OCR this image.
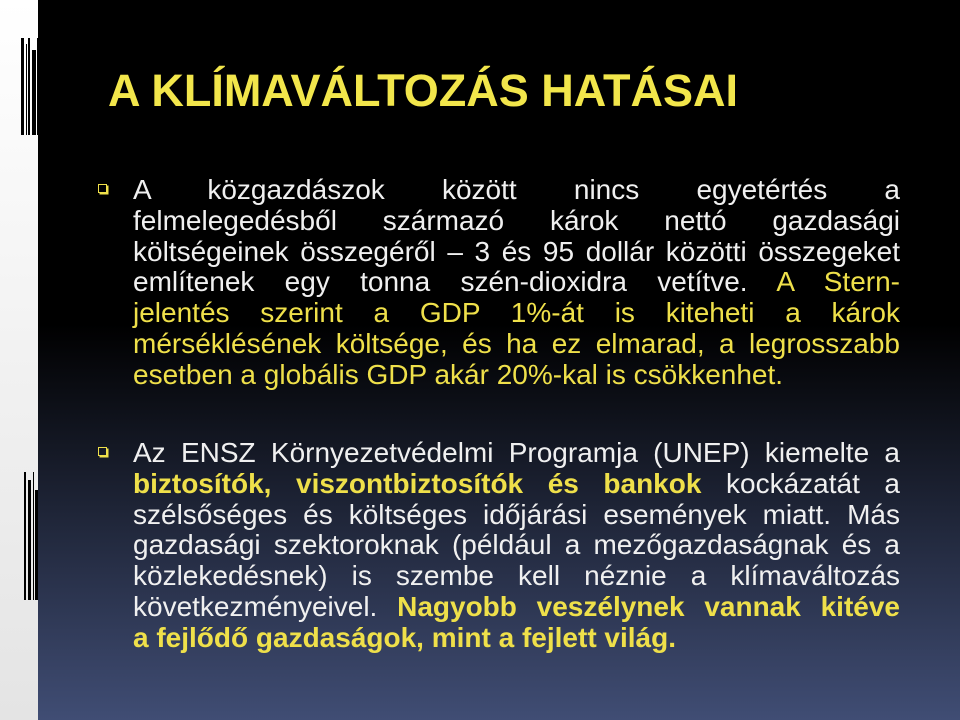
A KLÍMAVÁLTOZÁS HATÁSAI
A közgazdászok között nincs egyetértés a
felmelegedésből származó károk nettó gazdasági
költségeinek összegéről – 3 és 95 dollár közötti összegeket
említenek egy tonna szén-dioxidra vetítve. A Stern-
jelentés szerint a GDP 1%-át is kiteheti a károk
mérséklésének költsége, és ha ez elmarad, a legrosszabb
esetben a globális GDP akár 20%-kal is csökkenhet.
Az ENSZ Környezetvédelmi Programja (UNEP) kiemelte a
biztosítók, viszontbiztosítók és bankok kockázatát a
szélsőséges és költséges időjárási események miatt. Más
gazdasági szektoroknak (például a mezőgazdaságnak és a
közlekedésnek) is szembe kell néznie a klímaváltozás
következményeivel. Nagyobb veszélynek vannak kitéve
a fejlődő gazdaságok, mint a fejlett világ.
